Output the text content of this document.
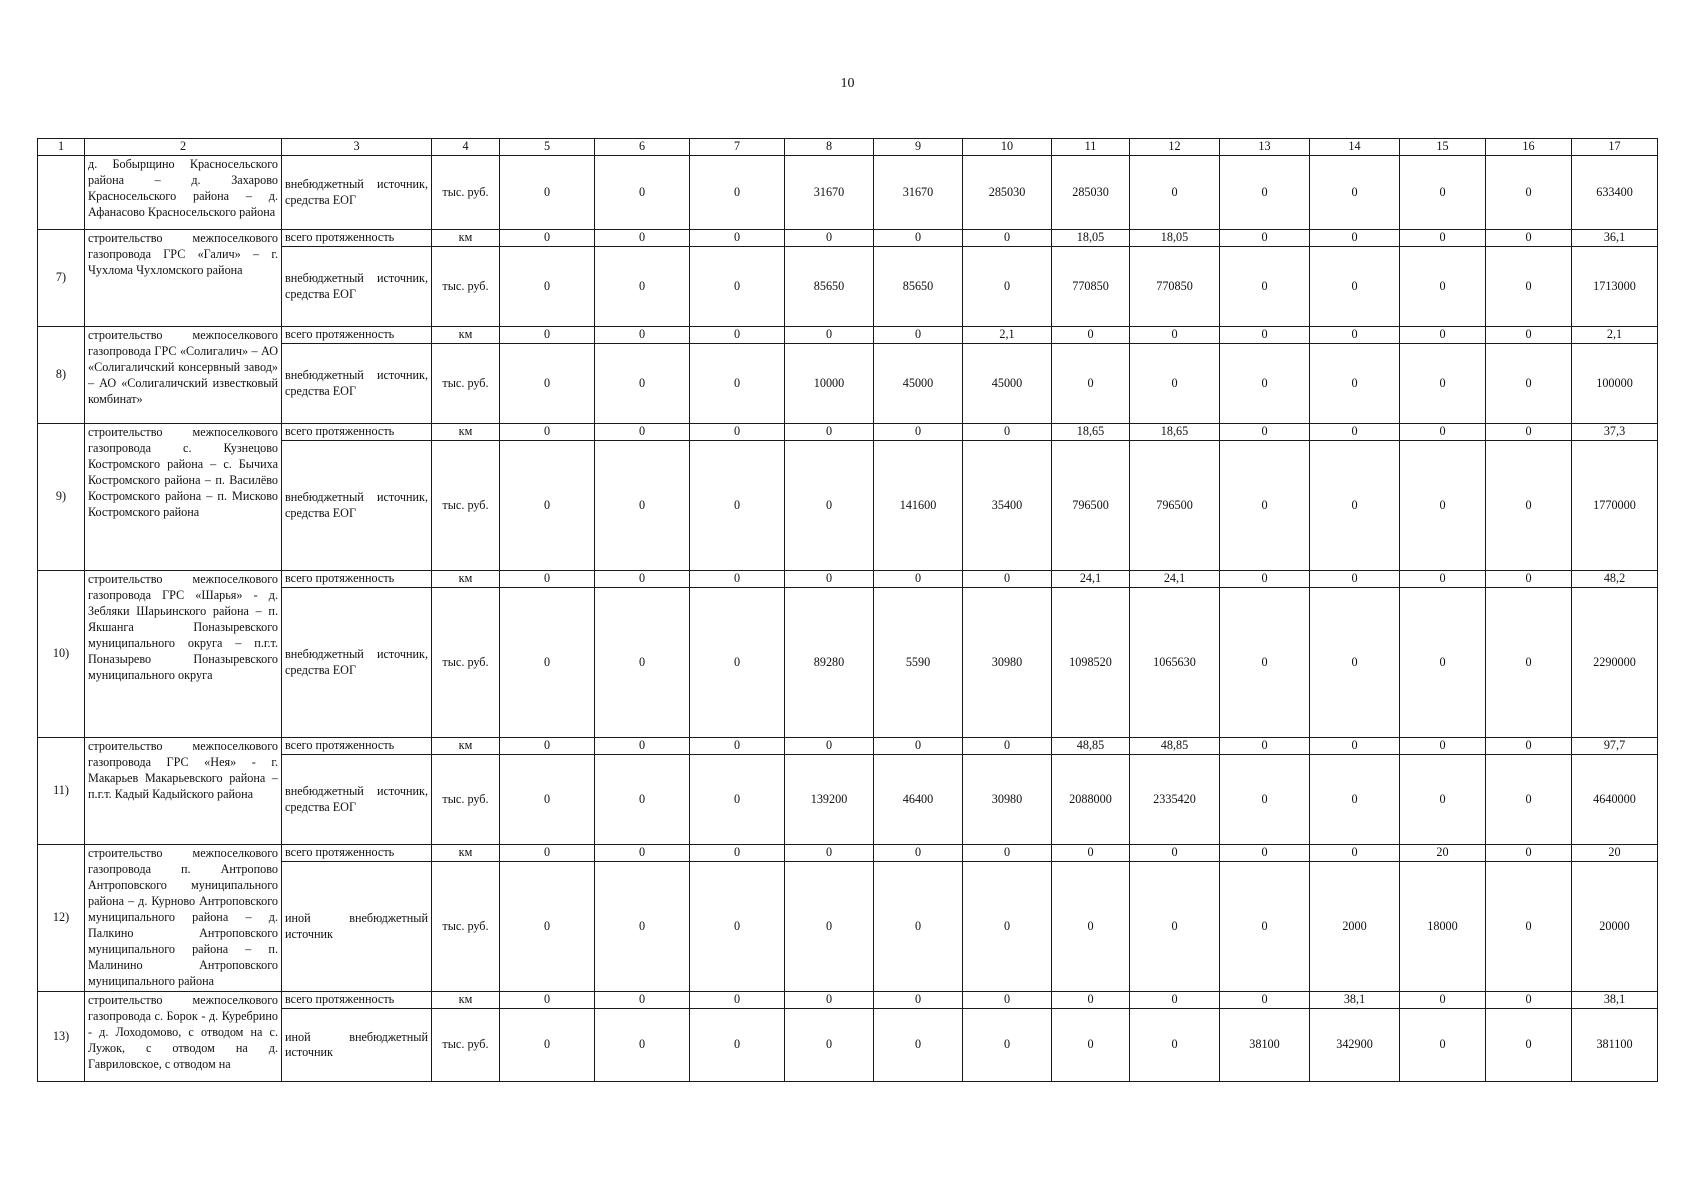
10
1	2	3	4	5	6	7	8	9	10	11	12	13	14	15	16	17
	д. Бобырщино Красносельского района – д. Захарово Красносельского района – д. Афанасово Красносельского района	внебюджетный источник, средства ЕОГ	тыс. руб.	0	0	0	31670	31670	285030	285030	0	0	0	0	0	633400
7)	строительство межпоселкового газопровода ГРС «Галич» – г. Чухлома Чухломского района	всего протяженность	км	0	0	0	0	0	0	18,05	18,05	0	0	0	0	36,1
		внебюджетный источник, средства ЕОГ	тыс. руб.	0	0	0	85650	85650	0	770850	770850	0	0	0	0	1713000
8)	строительство межпоселкового газопровода ГРС «Солигалич» – АО «Солигаличский консервный завод» – АО «Солигаличский известковый комбинат»	всего протяженность	км	0	0	0	0	0	2,1	0	0	0	0	0	0	2,1
		внебюджетный источник, средства ЕОГ	тыс. руб.	0	0	0	10000	45000	45000	0	0	0	0	0	0	100000
9)	строительство межпоселкового газопровода с. Кузнецово Костромского района – с. Бычиха Костромского района – п. Василёво Костромского района – п. Мисково Костромского района	всего протяженность	км	0	0	0	0	0	0	18,65	18,65	0	0	0	0	37,3
		внебюджетный источник, средства ЕОГ	тыс. руб.	0	0	0	0	141600	35400	796500	796500	0	0	0	0	1770000
10)	строительство межпоселкового газопровода ГРС «Шарья» - д. Зебляки Шарьинского района – п. Якшанга Поназыревского муниципального округа – п.г.т. Поназырево Поназыревского муниципального округа	всего протяженность	км	0	0	0	0	0	0	24,1	24,1	0	0	0	0	48,2
		внебюджетный источник, средства ЕОГ	тыс. руб.	0	0	0	89280	5590	30980	1098520	1065630	0	0	0	0	2290000
11)	строительство межпоселкового газопровода ГРС «Нея» - г. Макарьев Макарьевского района – п.г.т. Кадый Кадыйского района	всего протяженность	км	0	0	0	0	0	0	48,85	48,85	0	0	0	0	97,7
		внебюджетный источник, средства ЕОГ	тыс. руб.	0	0	0	139200	46400	30980	2088000	2335420	0	0	0	0	4640000
12)	строительство межпоселкового газопровода п. Антропово Антроповского муниципального района – д. Курново Антроповского муниципального района – д. Палкино Антроповского муниципального района – п. Малинино Антроповского муниципального района	всего протяженность	км	0	0	0	0	0	0	0	0	0	0	20	0	20
		иной внебюджетный источник	тыс. руб.	0	0	0	0	0	0	0	0	0	2000	18000	0	20000
13)	строительство межпоселкового газопровода с. Борок - д. Куребрино - д. Лоходомово, с отводом на с. Лужок, с отводом на д. Гавриловское, с отводом на	всего протяженность	км	0	0	0	0	0	0	0	0	0	38,1	0	0	38,1
		иной внебюджетный источник	тыс. руб.	0	0	0	0	0	0	0	0	38100	342900	0	0	381100
